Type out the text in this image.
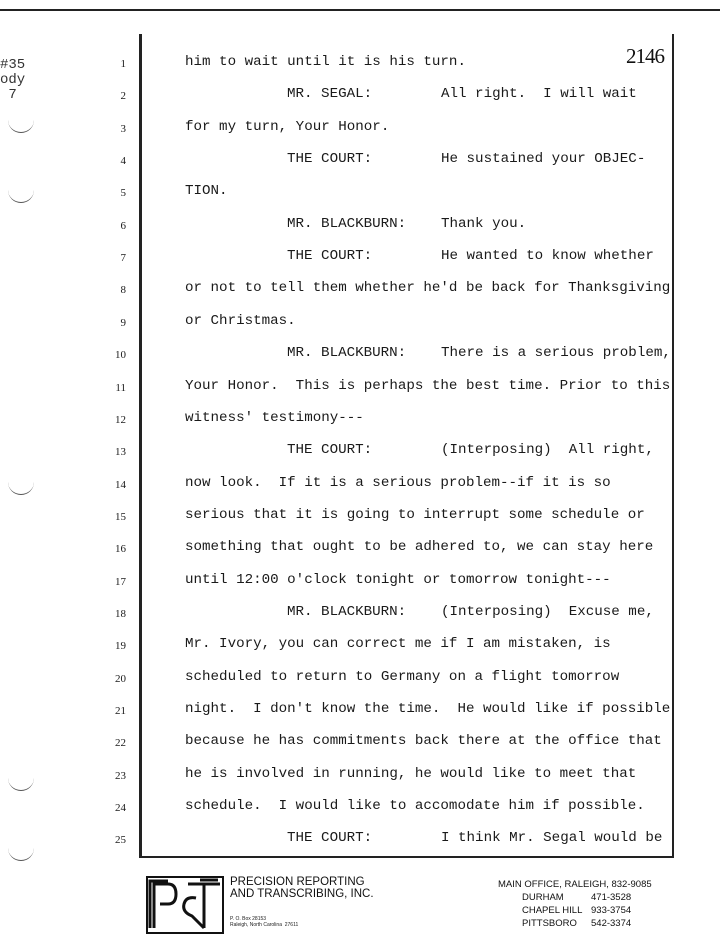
#35
ody
7
2146
1	him to wait until it is his turn.
2	MR. SEGAL:	All right.  I will wait
3	for my turn, Your Honor.
4	THE COURT:	He sustained your OBJEC-
5	TION.
6	MR. BLACKBURN: Thank you.
7	THE COURT:	He wanted to know whether
8	or not to tell them whether he'd be back for Thanksgiving
9	or Christmas.
10	MR. BLACKBURN: There is a serious problem,
11	Your Honor.  This is perhaps the best time. Prior to this
12	witness' testimony---
13	THE COURT:	(Interposing)  All right,
14	now look.  If it is a serious problem--if it is so
15	serious that it is going to interrupt some schedule or
16	something that ought to be adhered to, we can stay here
17	until 12:00 o'clock tonight or tomorrow tonight---
18	MR. BLACKBURN: (Interposing)  Excuse me,
19	Mr. Ivory, you can correct me if I am mistaken, is
20	scheduled to return to Germany on a flight tomorrow
21	night.  I don't know the time.  He would like if possible
22	because he has commitments back there at the office that
23	he is involved in running, he would like to meet that
24	schedule.  I would like to accomodate him if possible.
25	THE COURT:	I think Mr. Segal would be
P&T.
PRECISION REPORTING
AND TRANSCRIBING, INC.
P. O. Box 28153
Raleigh, North Carolina  27611
MAIN OFFICE, RALEIGH, 832-9085
DURHAM	471-3528
CHAPEL HILL 933-3754
PITTSBORO	542-3374
